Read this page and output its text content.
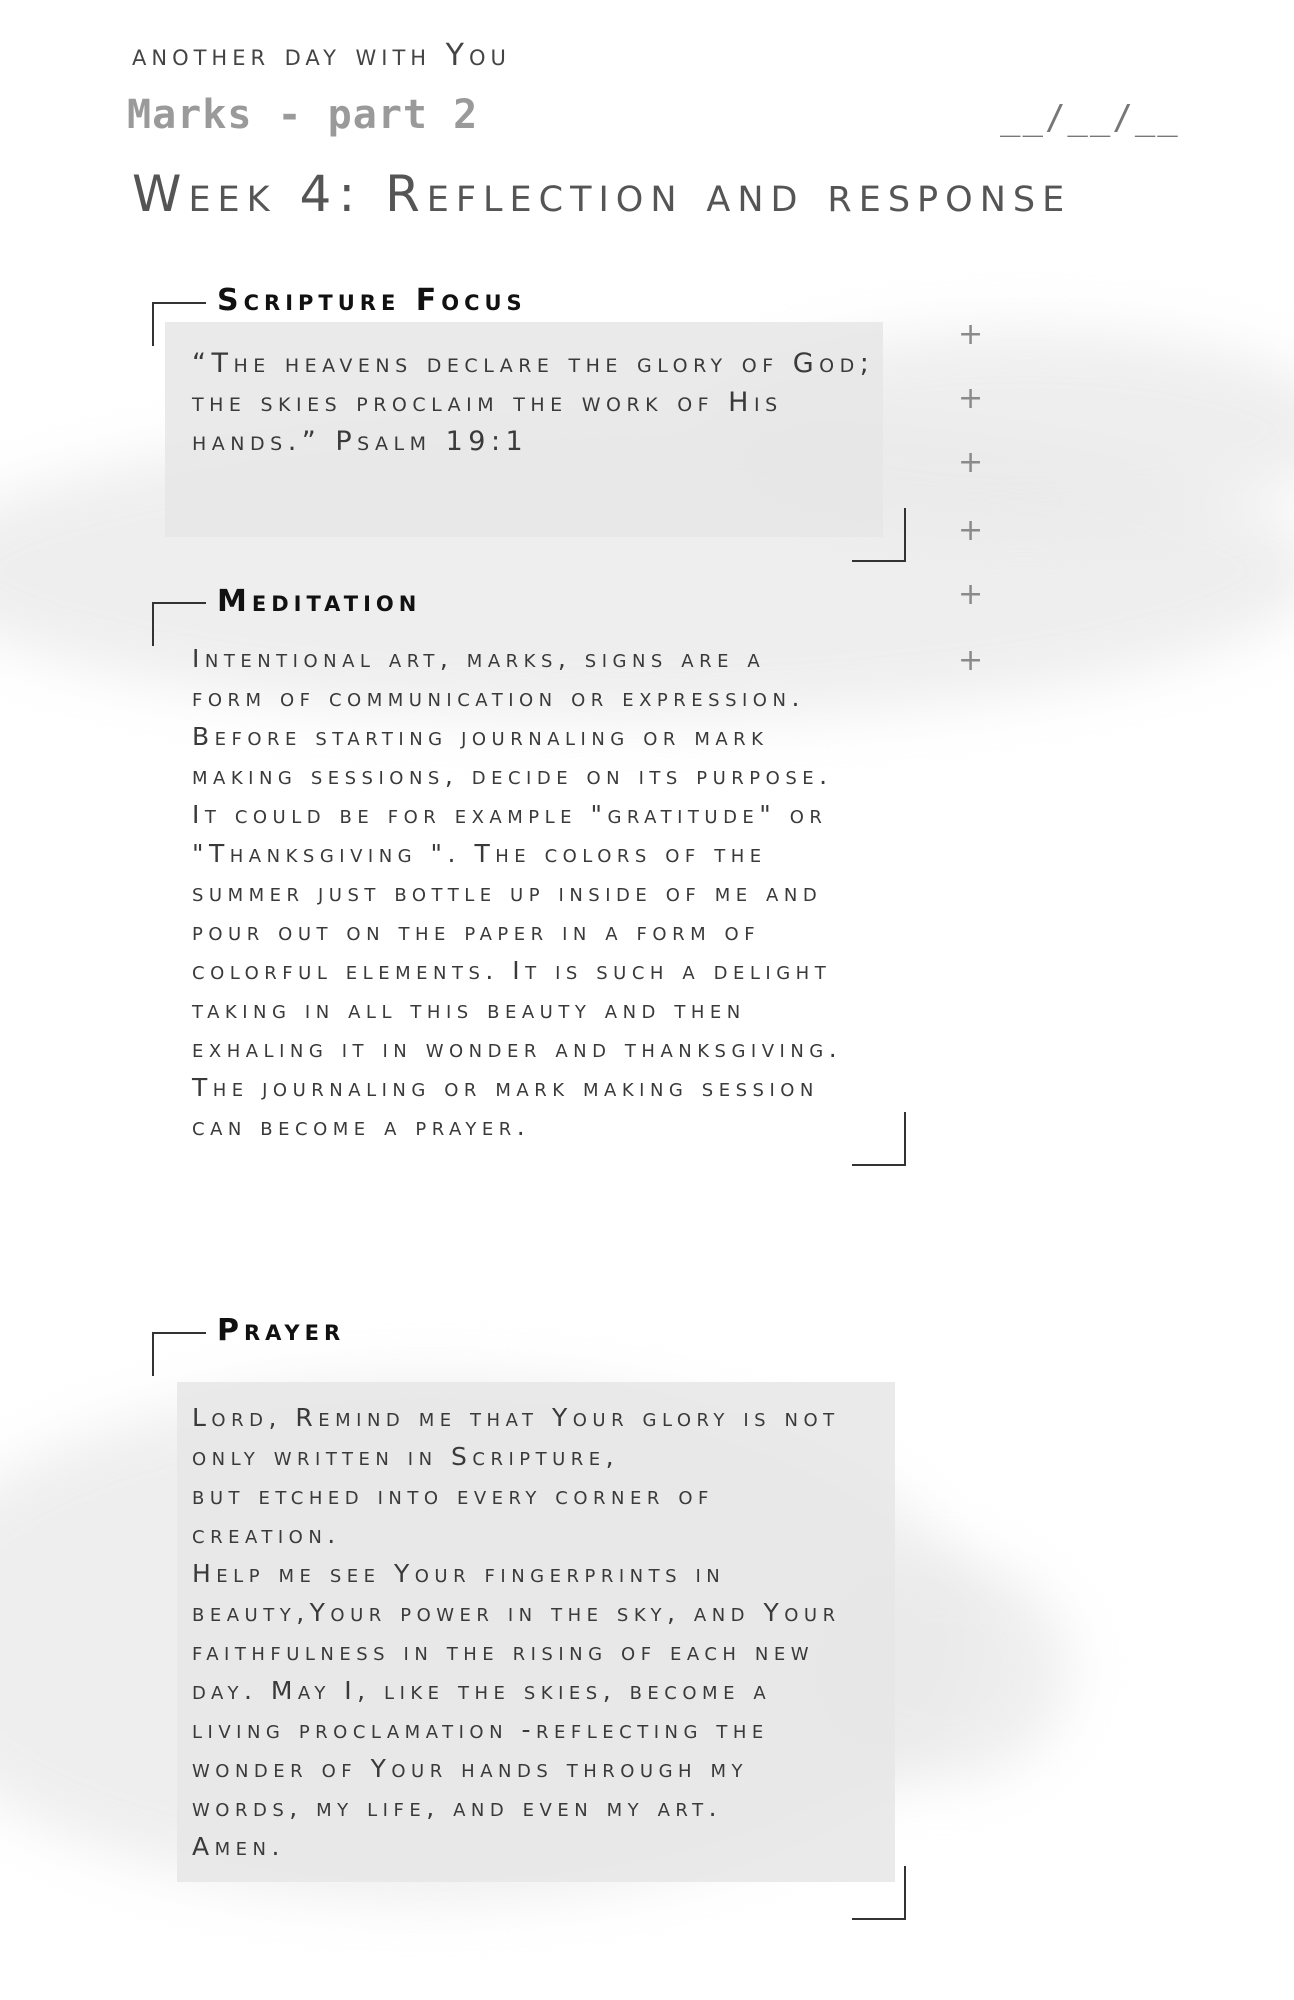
another day with You
Marks - part 2	__/__/__
Week 4: Reflection and response
Scripture Focus
“The heavens declare the glory of God;
the skies proclaim the work of His
hands.” Psalm 19:1
+
+
+
+
+
+
Meditation
Intentional art, marks, signs are a
form of communication or expression.
Before starting journaling or mark
making sessions, decide on its purpose.
It could be for example "gratitude" or
"Thanksgiving ". The colors of the
summer just bottle up inside of me and
pour out on the paper in a form of
colorful elements. It is such a delight
taking in all this beauty and then
exhaling it in wonder and thanksgiving.
The journaling or mark making session
can become a prayer.
Prayer
Lord, Remind me that Your glory is not
only written in Scripture,
but etched into every corner of
creation.
Help me see Your fingerprints in
beauty,Your power in the sky, and Your
faithfulness in the rising of each new
day. May I, like the skies, become a
living proclamation -reflecting the
wonder of Your hands through my
words, my life, and even my art.
Amen.
